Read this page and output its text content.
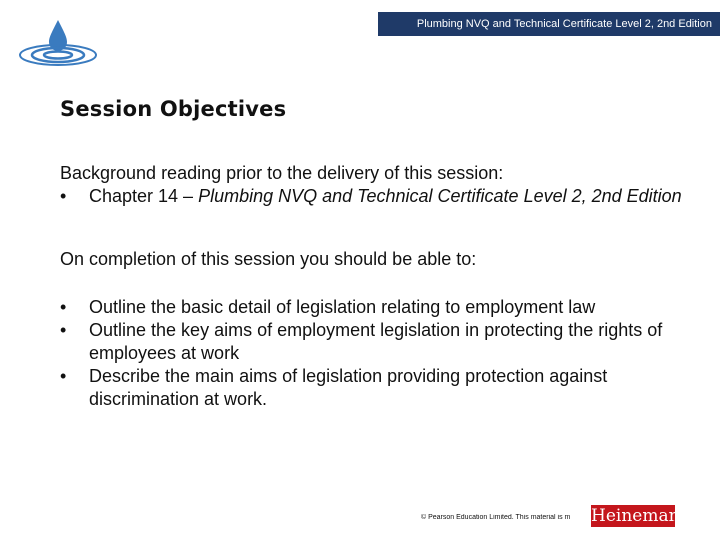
Plumbing NVQ and Technical Certificate Level 2, 2nd Edition
Session Objectives

Background reading prior to the delivery of this session:

• Chapter 14 – Plumbing NVQ and Technical Certificate Level 2, 2nd Edition

On completion of this session you should be able to:

• Outline the basic detail of legislation relating to employment law
• Outline the key aims of employment legislation in protecting the rights of employees at work
• Describe the main aims of legislation providing protection against discrimination at work.
© Pearson Education Limited. This material is m	Heinemann
